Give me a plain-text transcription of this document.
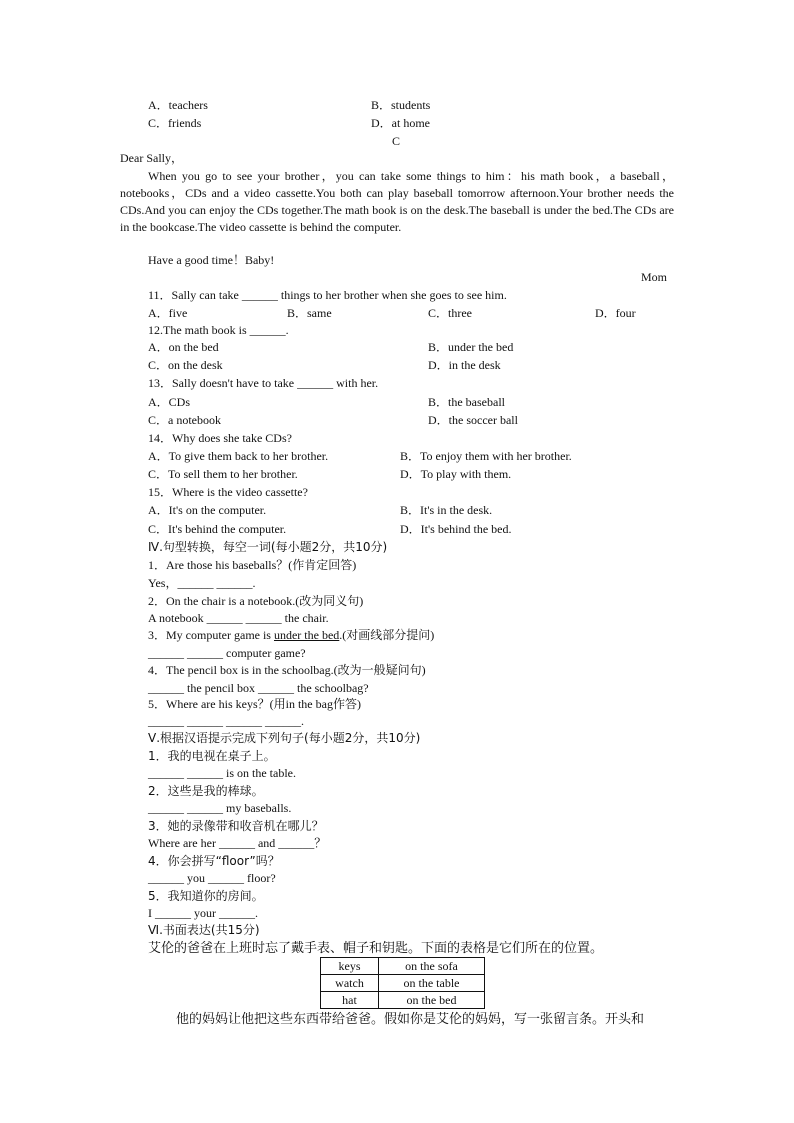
A．teachers	B．students
C．friends	D．at home
C
Dear Sally，
When you go to see your brother，you can take some things to him：his math book，a baseball，notebooks，CDs and a video cassette.You both can play baseball tomorrow afternoon.Your brother needs the CDs.And you can enjoy the CDs together.The math book is on the desk.The baseball is under the bed.The CDs are in the bookcase.The video cassette is behind the computer.
Have a good time！Baby!
Mom
11．Sally can take ______ things to her brother when she goes to see him.
A．five	B．same	C．three	D．four
12.The math book is ______.
A．on the bed	B．under the bed
C．on the desk	D．in the desk
13．Sally doesn't have to take ______ with her.
A．CDs	B．the baseball
C．a notebook	D．the soccer ball
14．Why does she take CDs?
A．To give them back to her brother.	B．To enjoy them with her brother.
C．To sell them to her brother.	D．To play with them.
15．Where is the video cassette?
A．It's on the computer.	B．It's in the desk.
C．It's behind the computer.	D．It's behind the bed.
Ⅳ.句型转换，每空一词(每小题2分，共10分)
1．Are those his baseballs？(作肯定回答)
Yes，______ ______.
2．On the chair is a notebook.(改为同义句)
A notebook ______ ______ the chair.
3．My computer game is under the bed.(对画线部分提问)
______ ______ computer game?
4．The pencil box is in the schoolbag.(改为一般疑问句)
______ the pencil box ______ the schoolbag?
5．Where are his keys？(用in the bag作答)
______ ______ ______ ______.
Ⅴ.根据汉语提示完成下列句子(每小题2分，共10分)
1．我的电视在桌子上。
______ ______ is on the table.
2．这些是我的棒球。
______ ______ my baseballs.
3．她的录像带和收音机在哪儿？
Where are her ______ and ______？
4．你会拼写“floor”吗？
______ you ______ floor?
5．我知道你的房间。
I ______ your ______.
Ⅵ.书面表达(共15分)
艾伦的爸爸在上班时忘了戴手表、帽子和钥匙。下面的表格是它们所在的位置。
keys	on the sofa
watch	on the table
hat	on the bed
他的妈妈让他把这些东西带给爸爸。假如你是艾伦的妈妈，写一张留言条。开头和
